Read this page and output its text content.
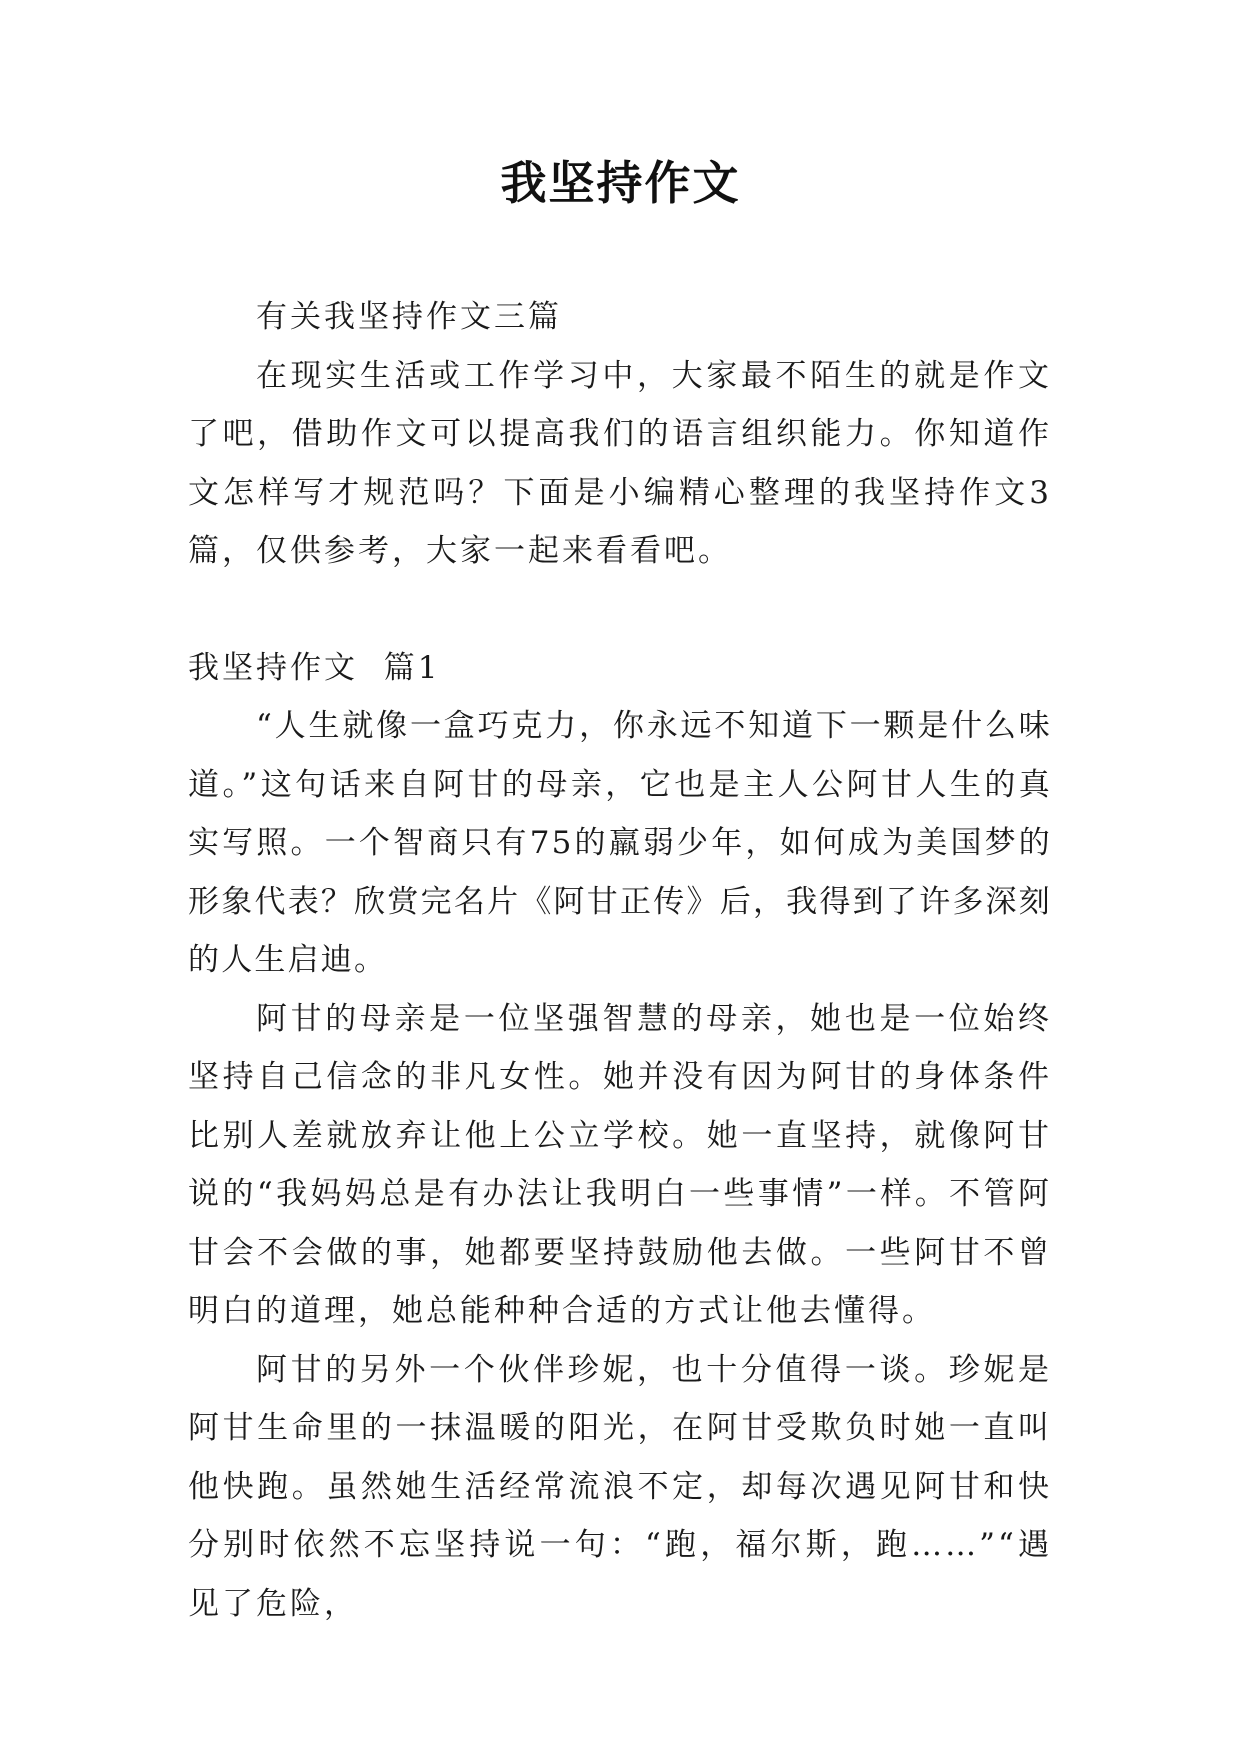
我坚持作文

有关我坚持作文三篇

在现实生活或工作学习中，大家最不陌生的就是作文了吧，借助作文可以提高我们的语言组织能力。你知道作文怎样写才规范吗？下面是小编精心整理的我坚持作文3篇，仅供参考，大家一起来看看吧。

我坚持作文  篇1

“人生就像一盒巧克力，你永远不知道下一颗是什么味道。”这句话来自阿甘的母亲，它也是主人公阿甘人生的真实写照。一个智商只有75的羸弱少年，如何成为美国梦的形象代表？欣赏完名片《阿甘正传》后，我得到了许多深刻的人生启迪。

阿甘的母亲是一位坚强智慧的母亲，她也是一位始终坚持自己信念的非凡女性。她并没有因为阿甘的身体条件比别人差就放弃让他上公立学校。她一直坚持，就像阿甘说的“我妈妈总是有办法让我明白一些事情”一样。不管阿甘会不会做的事，她都要坚持鼓励他去做。一些阿甘不曾明白的道理，她总能种种合适的方式让他去懂得。

阿甘的另外一个伙伴珍妮，也十分值得一谈。珍妮是阿甘生命里的一抹温暖的阳光，在阿甘受欺负时她一直叫他快跑。虽然她生活经常流浪不定，却每次遇见阿甘和快分别时依然不忘坚持说一句：“跑，福尔斯，跑……”“遇见了危险，
